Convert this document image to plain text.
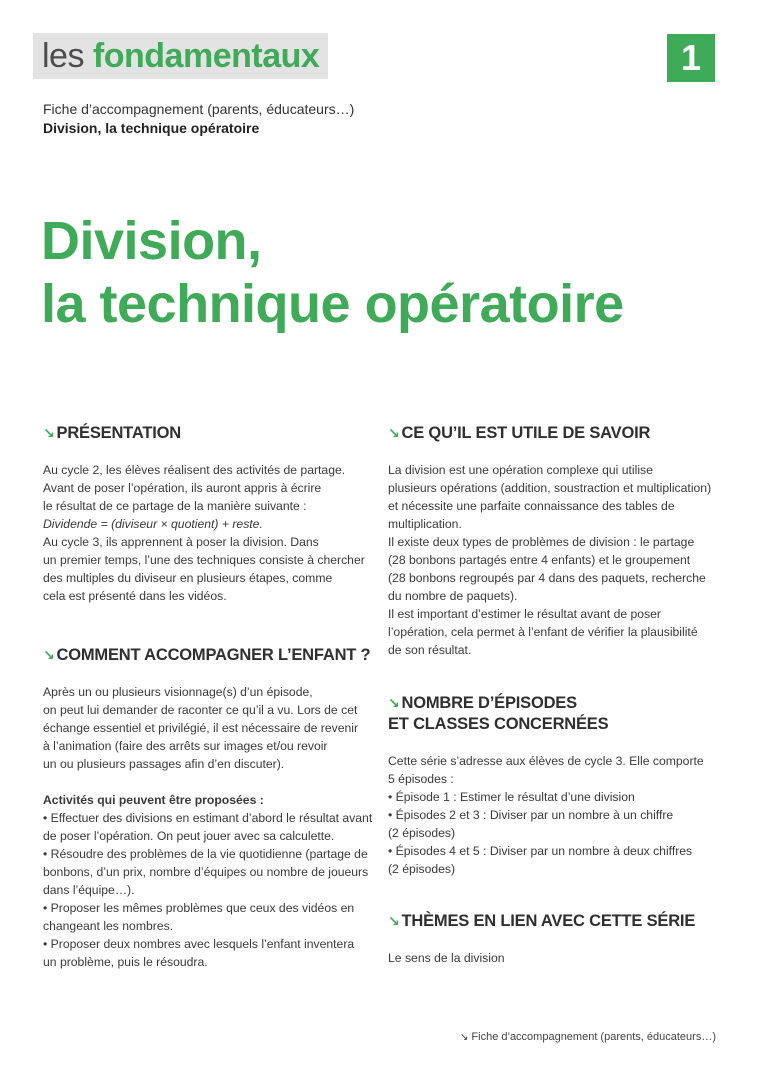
les fondamentaux	1
Fiche d’accompagnement (parents, éducateurs…)
Division, la technique opératoire
Division,
la technique opératoire
↘ PRÉSENTATION

Au cycle 2, les élèves réalisent des activités de partage.

Avant de poser l’opération, ils auront appris à écrire

le résultat de ce partage de la manière suivante :

Dividende = (diviseur × quotient) + reste.

Au cycle 3, ils apprennent à poser la division. Dans

un premier temps, l’une des techniques consiste à chercher

des multiples du diviseur en plusieurs étapes, comme

cela est présenté dans les vidéos.

↘ COMMENT ACCOMPAGNER L’ENFANT ?

Après un ou plusieurs visionnage(s) d’un épisode,

on peut lui demander de raconter ce qu’il a vu. Lors de cet

échange essentiel et privilégié, il est nécessaire de revenir

à l’animation (faire des arrêts sur images et/ou revoir

un ou plusieurs passages afin d’en discuter).

Activités qui peuvent être proposées :

• Effectuer des divisions en estimant d’abord le résultat avant

de poser l’opération. On peut jouer avec sa calculette.

• Résoudre des problèmes de la vie quotidienne (partage de

bonbons, d’un prix, nombre d’équipes ou nombre de joueurs

dans l’équipe…).

• Proposer les mêmes problèmes que ceux des vidéos en

changeant les nombres.

• Proposer deux nombres avec lesquels l’enfant inventera

un problème, puis le résoudra.

↘ CE QU’IL EST UTILE DE SAVOIR

La division est une opération complexe qui utilise

plusieurs opérations (addition, soustraction et multiplication)

et nécessite une parfaite connaissance des tables de

multiplication.

Il existe deux types de problèmes de division : le partage

(28 bonbons partagés entre 4 enfants) et le groupement

(28 bonbons regroupés par 4 dans des paquets, recherche

du nombre de paquets).

Il est important d’estimer le résultat avant de poser

l’opération, cela permet à l’enfant de vérifier la plausibilité

de son résultat.

↘ NOMBRE D’ÉPISODES
ET CLASSES CONCERNÉES

Cette série s’adresse aux élèves de cycle 3. Elle comporte

5 épisodes :

• Épisode 1 : Estimer le résultat d’une division

• Épisodes 2 et 3 : Diviser par un nombre à un chiffre

(2 épisodes)

• Épisodes 4 et 5 : Diviser par un nombre à deux chiffres

(2 épisodes)

↘ THÈMES EN LIEN AVEC CETTE SÉRIE

Le sens de la division

↘ Fiche d’accompagnement (parents, éducateurs…)
